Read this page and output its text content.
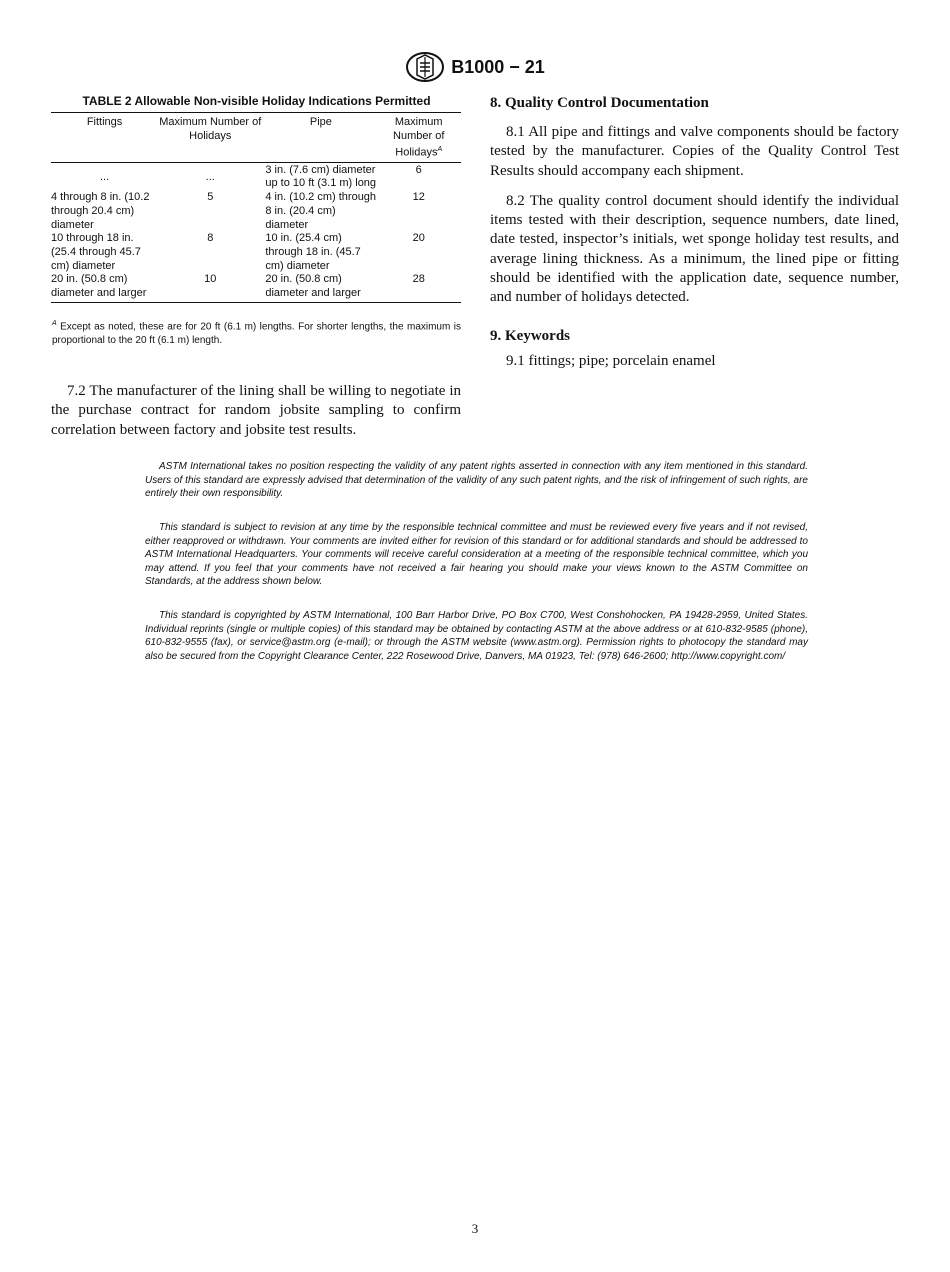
B1000 − 21
TABLE 2 Allowable Non-visible Holiday Indications Permitted
Fittings	Maximum Number of Holidays	Pipe	Maximum Number of Holidays$^A$
...	...	3 in. (7.6 cm) diameter up to 10 ft (3.1 m) long	6
4 through 8 in. (10.2 through 20.4 cm) diameter	5	4 in. (10.2 cm) through 8 in. (20.4 cm) diameter	12
10 through 18 in. (25.4 through 45.7 cm) diameter	8	10 in. (25.4 cm) through 18 in. (45.7 cm) diameter	20
20 in. (50.8 cm) diameter and larger	10	20 in. (50.8 cm) diameter and larger	28
$^A$ Except as noted, these are for 20 ft (6.1 m) lengths. For shorter lengths, the maximum is proportional to the 20 ft (6.1 m) length.

7.2 The manufacturer of the lining shall be willing to negotiate in the purchase contract for random jobsite sampling to confirm correlation between factory and jobsite test results.

8. Quality Control Documentation

8.1 All pipe and fittings and valve components should be factory tested by the manufacturer. Copies of the Quality Control Test Results should accompany each shipment.

8.2 The quality control document should identify the individual items tested with their description, sequence numbers, date lined, date tested, inspector’s initials, wet sponge holiday test results, and average lining thickness. As a minimum, the lined pipe or fitting should be identified with the application date, sequence number, and number of holidays detected.

9. Keywords

9.1 fittings; pipe; porcelain enamel

ASTM International takes no position respecting the validity of any patent rights asserted in connection with any item mentioned in this standard. Users of this standard are expressly advised that determination of the validity of any such patent rights, and the risk of infringement of such rights, are entirely their own responsibility.

This standard is subject to revision at any time by the responsible technical committee and must be reviewed every five years and if not revised, either reapproved or withdrawn. Your comments are invited either for revision of this standard or for additional standards and should be addressed to ASTM International Headquarters. Your comments will receive careful consideration at a meeting of the responsible technical committee, which you may attend. If you feel that your comments have not received a fair hearing you should make your views known to the ASTM Committee on Standards, at the address shown below.

This standard is copyrighted by ASTM International, 100 Barr Harbor Drive, PO Box C700, West Conshohocken, PA 19428-2959, United States. Individual reprints (single or multiple copies) of this standard may be obtained by contacting ASTM at the above address or at 610-832-9585 (phone), 610-832-9555 (fax), or service@astm.org (e-mail); or through the ASTM website (www.astm.org). Permission rights to photocopy the standard may also be secured from the Copyright Clearance Center, 222 Rosewood Drive, Danvers, MA 01923, Tel: (978) 646-2600; http://www.copyright.com/

3
